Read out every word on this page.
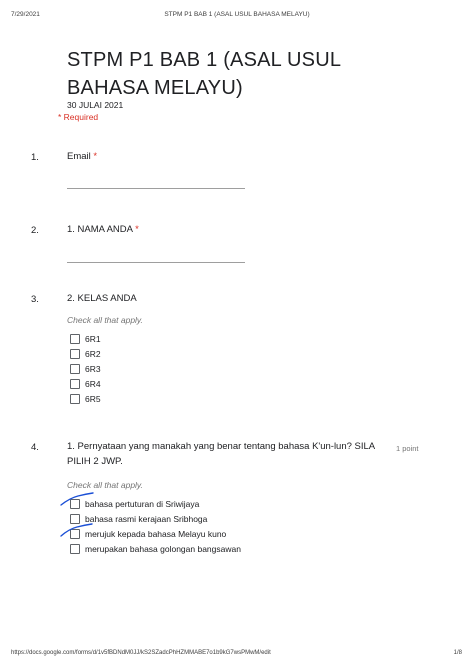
7/29/2021	STPM P1 BAB 1 (ASAL USUL BAHASA MELAYU)
STPM P1 BAB 1 (ASAL USUL BAHASA MELAYU)
30 JULAI 2021
* Required
1.	Email *
2.	1. NAMA ANDA *
3.	2. KELAS ANDA
Check all that apply.
6R1
6R2
6R3
6R4
6R5
4.	1. Pernyataan yang manakah yang benar tentang bahasa K'un-lun? SILA PILIH 2 JWP.
1 point
Check all that apply.
bahasa pertuturan di Sriwijaya
bahasa rasmi kerajaan Sribhoga
merujuk kepada bahasa Melayu kuno
merupakan bahasa golongan bangsawan
https://docs.google.com/forms/d/1v5fBDNdM0JJ/kS2SZadcPhHZMMABE7o1b9kG7wsPMwM/edit	1/8
